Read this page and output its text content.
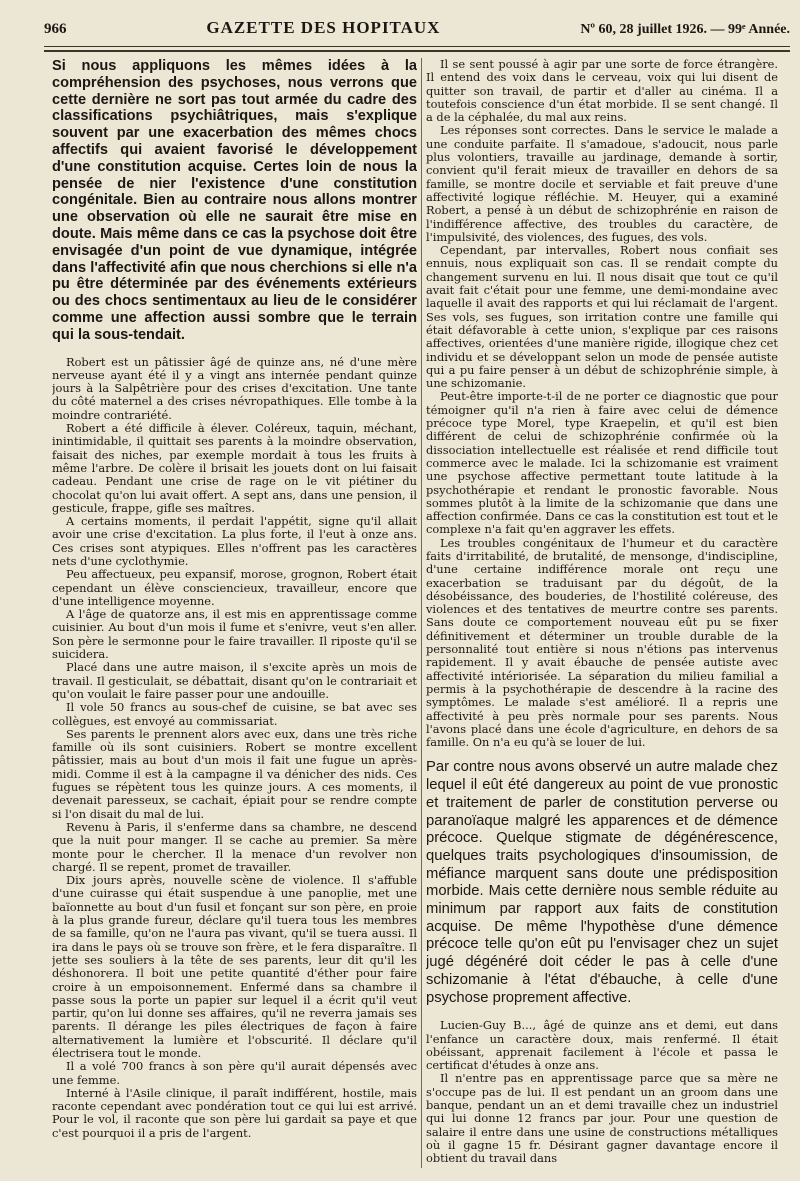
966	GAZETTE DES HOPITAUX	Nº 60, 28 juillet 1926. — 99ᵉ Année.

Si nous appliquons les mêmes idées à la compréhension des psychoses, nous verrons que cette dernière ne sort pas tout armée du cadre des classifications psychiâtriques, mais s'explique souvent par une exacerbation des mêmes chocs affectifs qui avaient favorisé le développement d'une constitution acquise. Certes loin de nous la pensée de nier l'existence d'une constitution congénitale. Bien au contraire nous allons montrer une observation où elle ne saurait être mise en doute. Mais même dans ce cas la psychose doit être envisagée d'un point de vue dynamique, intégrée dans l'affectivité afin que nous cherchions si elle n'a pu être déterminée par des événements extérieurs ou des chocs sentimentaux au lieu de le considérer comme une affection aussi sombre que le terrain qui la sous-tendait.

Robert est un pâtissier âgé de quinze ans, né d'une mère nerveuse ayant été il y a vingt ans internée pendant quinze jours à la Salpêtrière pour des crises d'excitation. Une tante du côté maternel a des crises névropathiques. Elle tombe à la moindre contrariété.

Robert a été difficile à élever. Coléreux, taquin, méchant, inintimidable, il quittait ses parents à la moindre observation, faisait des niches, par exemple mordait à tous les fruits à même l'arbre. De colère il brisait les jouets dont on lui faisait cadeau. Pendant une crise de rage on le vit piétiner du chocolat qu'on lui avait offert. A sept ans, dans une pension, il gesticule, frappe, gifle ses maîtres.

A certains moments, il perdait l'appétit, signe qu'il allait avoir une crise d'excitation. La plus forte, il l'eut à onze ans. Ces crises sont atypiques. Elles n'offrent pas les caractères nets d'une cyclothymie.

Peu affectueux, peu expansif, morose, grognon, Robert était cependant un élève consciencieux, travailleur, encore que d'une intelligence moyenne.

A l'âge de quatorze ans, il est mis en apprentissage comme cuisinier. Au bout d'un mois il fume et s'enivre, veut s'en aller. Son père le sermonne pour le faire travailler. Il riposte qu'il se suicidera.

Placé dans une autre maison, il s'excite après un mois de travail. Il gesticulait, se débattait, disant qu'on le contrariait et qu'on voulait le faire passer pour une andouille.

Il vole 50 francs au sous-chef de cuisine, se bat avec ses collègues, est envoyé au commissariat.

Ses parents le prennent alors avec eux, dans une très riche famille où ils sont cuisiniers. Robert se montre excellent pâtissier, mais au bout d'un mois il fait une fugue un après-midi. Comme il est à la campagne il va dénicher des nids. Ces fugues se répètent tous les quinze jours. A ces moments, il devenait paresseux, se cachait, épiait pour se rendre compte si l'on disait du mal de lui.

Revenu à Paris, il s'enferme dans sa chambre, ne descend que la nuit pour manger. Il se cache au premier. Sa mère monte pour le chercher. Il la menace d'un revolver non chargé. Il se repent, promet de travailler.

Dix jours après, nouvelle scène de violence. Il s'affuble d'une cuirasse qui était suspendue à une panoplie, met une baïonnette au bout d'un fusil et fonçant sur son père, en proie à la plus grande fureur, déclare qu'il tuera tous les membres de sa famille, qu'on ne l'aura pas vivant, qu'il se tuera aussi. Il ira dans le pays où se trouve son frère, et le fera disparaître. Il jette ses souliers à la tête de ses parents, leur dit qu'il les déshonorera. Il boit une petite quantité d'éther pour faire croire à un empoisonnement. Enfermé dans sa chambre il passe sous la porte un papier sur lequel il a écrit qu'il veut partir, qu'on lui donne ses affaires, qu'il ne reverra jamais ses parents. Il dérange les piles électriques de façon à faire alternativement la lumière et l'obscurité. Il déclare qu'il électrisera tout le monde.

Il a volé 700 francs à son père qu'il aurait dépensés avec une femme.

Interné à l'Asile clinique, il paraît indifférent, hostile, mais raconte cependant avec pondération tout ce qui lui est arrivé. Pour le vol, il raconte que son père lui gardait sa paye et que c'est pourquoi il a pris de l'argent.

Il se sent poussé à agir par une sorte de force étrangère. Il entend des voix dans le cerveau, voix qui lui disent de quitter son travail, de partir et d'aller au cinéma. Il a toutefois conscience d'un état morbide. Il se sent changé. Il a de la céphalée, du mal aux reins.

Les réponses sont correctes. Dans le service le malade a une conduite parfaite. Il s'amadoue, s'adoucit, nous parle plus volontiers, travaille au jardinage, demande à sortir, convient qu'il ferait mieux de travailler en dehors de sa famille, se montre docile et serviable et fait preuve d'une affectivité logique réfléchie. M. Heuyer, qui a examiné Robert, a pensé à un début de schizophrénie en raison de l'indifférence affective, des troubles du caractère, de l'impulsivité, des violences, des fugues, des vols.

Cependant, par intervalles, Robert nous confiait ses ennuis, nous expliquait son cas. Il se rendait compte du changement survenu en lui. Il nous disait que tout ce qu'il avait fait c'était pour une femme, une demi-mondaine avec laquelle il avait des rapports et qui lui réclamait de l'argent. Ses vols, ses fugues, son irritation contre une famille qui était défavorable à cette union, s'explique par ces raisons affectives, orientées d'une manière rigide, illogique chez cet individu et se développant selon un mode de pensée autiste qui a pu faire penser à un début de schizophrénie simple, à une schizomanie.

Peut-être importe-t-il de ne porter ce diagnostic que pour témoigner qu'il n'a rien à faire avec celui de démence précoce type Morel, type Kraepelin, et qu'il est bien différent de celui de schizophrénie confirmée où la dissociation intellectuelle est réalisée et rend difficile tout commerce avec le malade. Ici la schizomanie est vraiment une psychose affective permettant toute latitude à la psychothérapie et rendant le pronostic favorable. Nous sommes plutôt à la limite de la schizomanie que dans une affection confirmée. Dans ce cas la constitution est tout et le complexe n'a fait qu'en aggraver les effets.

Les troubles congénitaux de l'humeur et du caractère faits d'irritabilité, de brutalité, de mensonge, d'indiscipline, d'une certaine indifférence morale ont reçu une exacerbation se traduisant par du dégoût, de la désobéissance, des bouderies, de l'hostilité coléreuse, des violences et des tentatives de meurtre contre ses parents. Sans doute ce comportement nouveau eût pu se fixer définitivement et déterminer un trouble durable de la personnalité tout entière si nous n'étions pas intervenus rapidement. Il y avait ébauche de pensée autiste avec affectivité intériorisée. La séparation du milieu familial a permis à la psychothérapie de descendre à la racine des symptômes. Le malade s'est amélioré. Il a repris une affectivité à peu près normale pour ses parents. Nous l'avons placé dans une école d'agriculture, en dehors de sa famille. On n'a eu qu'à se louer de lui.

Par contre nous avons observé un autre malade chez lequel il eût été dangereux au point de vue pronostic et traitement de parler de constitution perverse ou paranoïaque malgré les apparences et de démence précoce. Quelque stigmate de dégénérescence, quelques traits psychologiques d'insoumission, de méfiance marquent sans doute une prédisposition morbide. Mais cette dernière nous semble réduite au minimum par rapport aux faits de constitution acquise. De même l'hypothèse d'une démence précoce telle qu'on eût pu l'envisager chez un sujet jugé dégénéré doit céder le pas à celle d'une schizomanie à l'état d'ébauche, à celle d'une psychose proprement affective.

Lucien-Guy B..., âgé de quinze ans et demi, eut dans l'enfance un caractère doux, mais renfermé. Il était obéissant, apprenait facilement à l'école et passa le certificat d'études à onze ans.

Il n'entre pas en apprentissage parce que sa mère ne s'occupe pas de lui. Il est pendant un an groom dans une banque, pendant un an et demi travaille chez un industriel qui lui donne 12 francs par jour. Pour une question de salaire il entre dans une usine de constructions métalliques où il gagne 15 fr. Désirant gagner davantage encore il obtient du travail dans
